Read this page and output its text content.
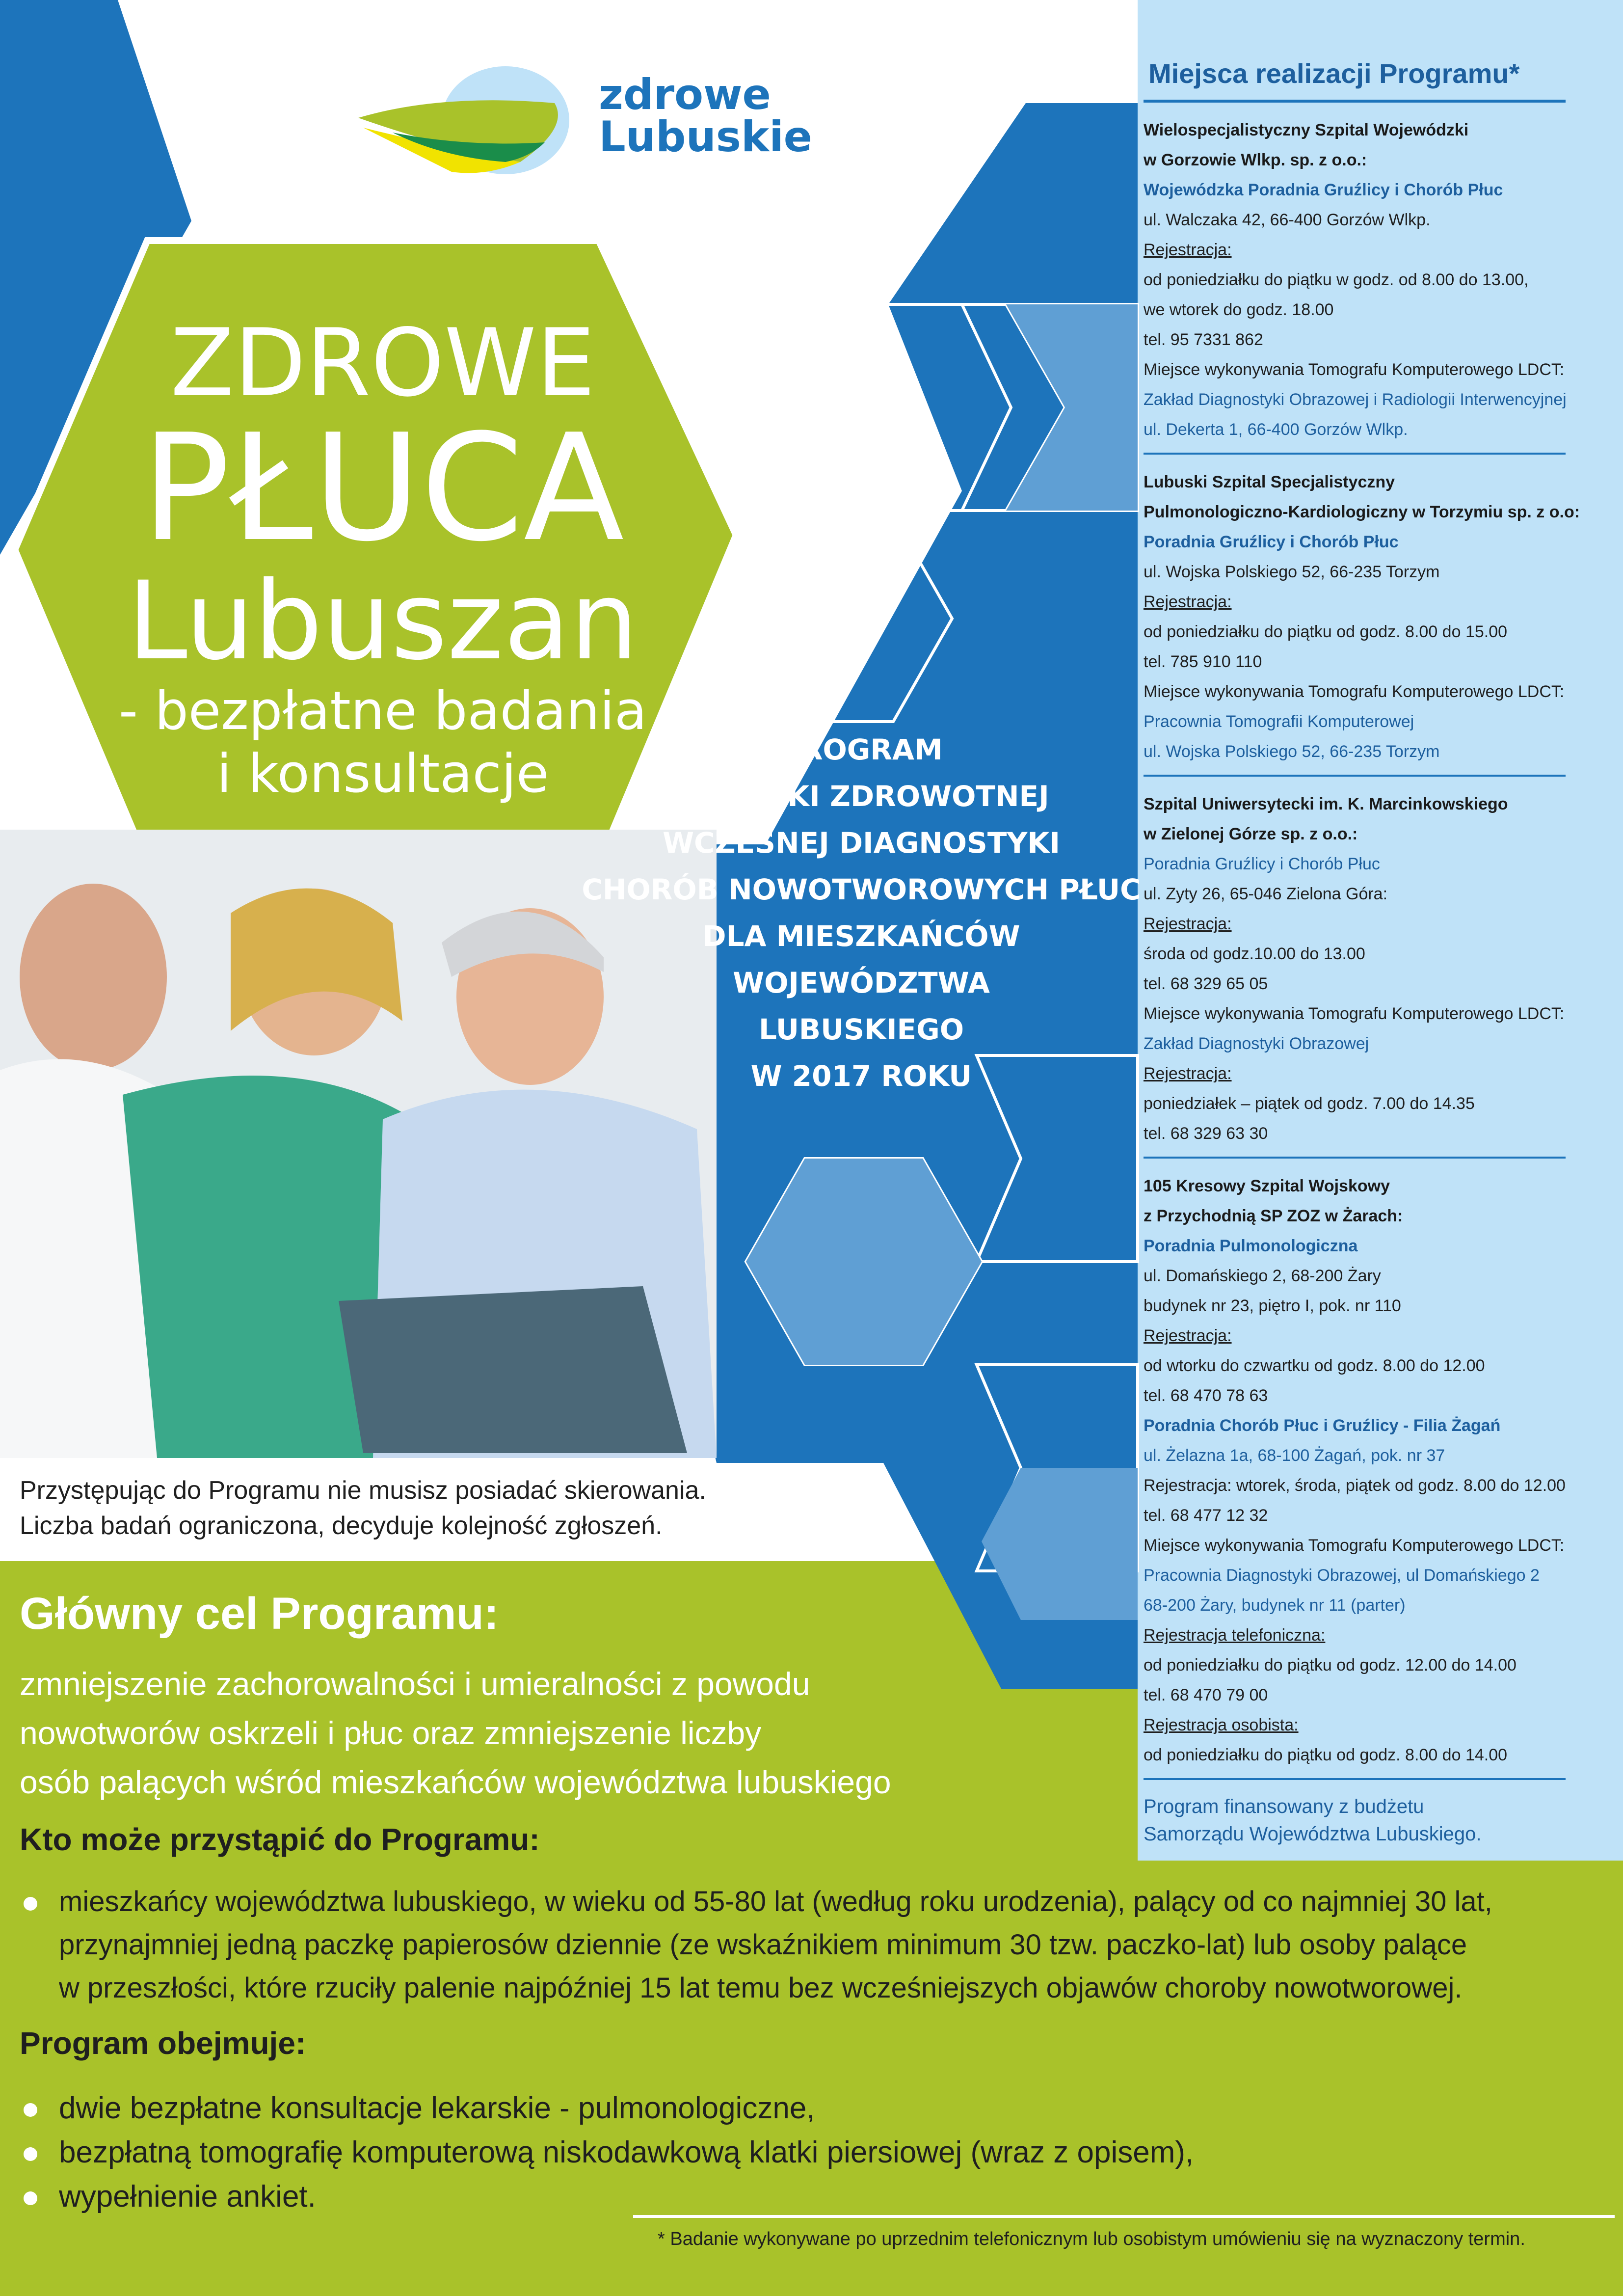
zdrowe
Lubuskie
ZDROWE
PŁUCA
Lubuszan
- bezpłatne badania
i konsultacje	PROGRAM
POLITYKI ZDROWOTNEJ
WCZESNEJ DIAGNOSTYKI
CHORÓB NOWOTWOROWYCH PŁUC
DLA MIESZKAŃCÓW
WOJEWÓDZTWA
LUBUSKIEGO
W 2017 ROKU
Miejsca realizacji Programu*
Wielospecjalistyczny Szpital Wojewódzki
w Gorzowie Wlkp. sp. z o.o.:
Wojewódzka Poradnia Gruźlicy i Chorób Płuc
ul. Walczaka 42, 66-400 Gorzów Wlkp.
Rejestracja:
od poniedziałku do piątku w godz. od 8.00 do 13.00,
we wtorek do godz. 18.00
tel. 95 7331 862
Miejsce wykonywania Tomografu Komputerowego LDCT:
Zakład Diagnostyki Obrazowej i Radiologii Interwencyjnej
ul. Dekerta 1, 66-400 Gorzów Wlkp.
Lubuski Szpital Specjalistyczny
Pulmonologiczno-Kardiologiczny w Torzymiu sp. z o.o:
Poradnia Gruźlicy i Chorób Płuc
ul. Wojska Polskiego 52, 66-235 Torzym
Rejestracja:
od poniedziałku do piątku od godz. 8.00 do 15.00
tel. 785 910 110
Miejsce wykonywania Tomografu Komputerowego LDCT:
Pracownia Tomografii Komputerowej
ul. Wojska Polskiego 52, 66-235 Torzym
Szpital Uniwersytecki im. K. Marcinkowskiego
w Zielonej Górze sp. z o.o.:
Poradnia Gruźlicy i Chorób Płuc
ul. Zyty 26, 65-046 Zielona Góra:
Rejestracja:
środa od godz.10.00 do 13.00
tel. 68 329 65 05
Miejsce wykonywania Tomografu Komputerowego LDCT:
Zakład Diagnostyki Obrazowej
Rejestracja:
poniedziałek – piątek od godz. 7.00 do 14.35
tel. 68 329 63 30
105 Kresowy Szpital Wojskowy
z Przychodnią SP ZOZ w Żarach:
Poradnia Pulmonologiczna
ul. Domańskiego 2, 68-200 Żary
budynek nr 23, piętro I, pok. nr 110
Rejestracja:
od wtorku do czwartku od godz. 8.00 do 12.00
tel. 68 470 78 63
Poradnia Chorób Płuc i Gruźlicy - Filia Żagań
ul. Żelazna 1a, 68-100 Żagań, pok. nr 37
Rejestracja: wtorek, środa, piątek od godz. 8.00 do 12.00
tel. 68 477 12 32
Miejsce wykonywania Tomografu Komputerowego LDCT:
Pracownia Diagnostyki Obrazowej, ul Domańskiego 2
68-200 Żary, budynek nr 11 (parter)
Rejestracja telefoniczna:
od poniedziałku do piątku od godz. 12.00 do 14.00
tel. 68 470 79 00
Rejestracja osobista:
od poniedziałku do piątku od godz. 8.00 do 14.00
Program finansowany z budżetu
Samorządu Województwa Lubuskiego.
Przystępując do Programu nie musisz posiadać skierowania.
Liczba badań ograniczona, decyduje kolejność zgłoszeń.
Główny cel Programu:
zmniejszenie zachorowalności i umieralności z powodu
nowotworów oskrzeli i płuc oraz zmniejszenie liczby
osób palących wśród mieszkańców województwa lubuskiego
Kto może przystąpić do Programu:
mieszkańcy województwa lubuskiego, w wieku od 55-80 lat (według roku urodzenia), palący od co najmniej 30 lat,
przynajmniej jedną paczkę papierosów dziennie (ze wskaźnikiem minimum 30 tzw. paczko-lat) lub osoby palące
w przeszłości, które rzuciły palenie najpóźniej 15 lat temu bez wcześniejszych objawów choroby nowotworowej.
Program obejmuje:
dwie bezpłatne konsultacje lekarskie - pulmonologiczne,
bezpłatną tomografię komputerową niskodawkową klatki piersiowej (wraz z opisem),
wypełnienie ankiet.
* Badanie wykonywane po uprzednim telefonicznym lub osobistym umówieniu się na wyznaczony termin.
